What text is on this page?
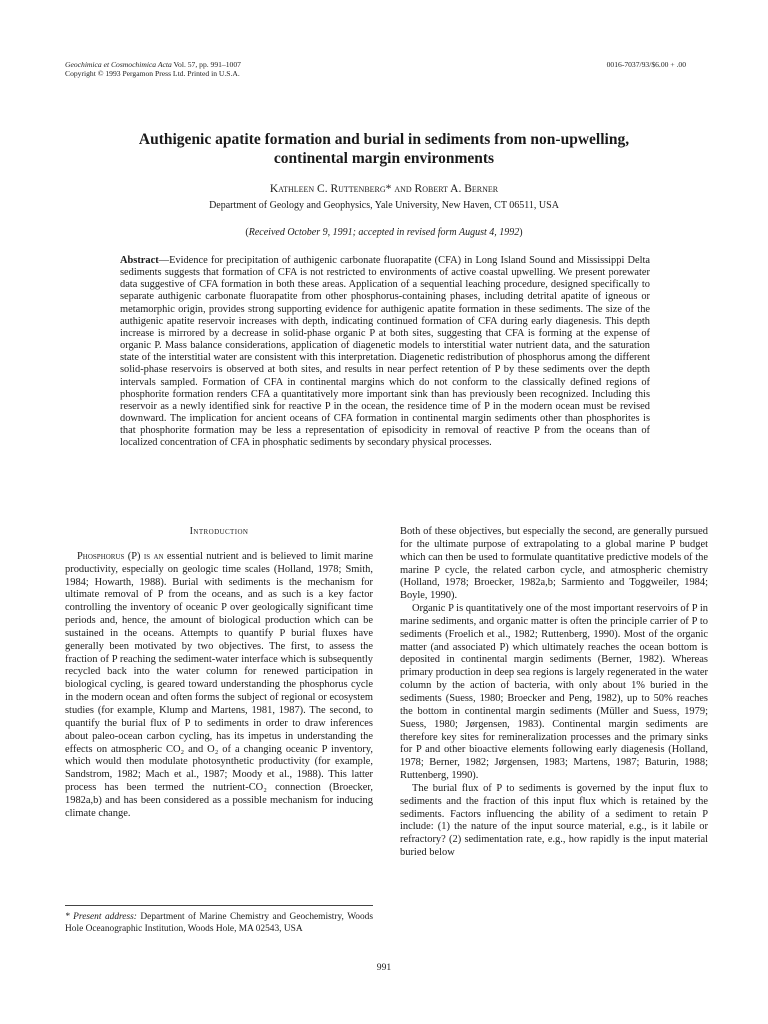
Geochimica et Cosmochimica Acta Vol. 57, pp. 991–1007
Copyright © 1993 Pergamon Press Ltd. Printed in U.S.A.
0016-7037/93/$6.00 + .00
Authigenic apatite formation and burial in sediments from non-upwelling,
continental margin environments
Kathleen C. Ruttenberg* and Robert A. Berner
Department of Geology and Geophysics, Yale University, New Haven, CT 06511, USA
(Received October 9, 1991; accepted in revised form August 4, 1992)

Abstract—Evidence for precipitation of authigenic carbonate fluorapatite (CFA) in Long Island Sound and Mississippi Delta sediments suggests that formation of CFA is not restricted to environments of active coastal upwelling. We present porewater data suggestive of CFA formation in both these areas. Application of a sequential leaching procedure, designed specifically to separate authigenic carbonate fluorapatite from other phosphorus-containing phases, including detrital apatite of igneous or metamorphic origin, provides strong supporting evidence for authigenic apatite formation in these sediments. The size of the authigenic apatite reservoir increases with depth, indicating continued formation of CFA during early diagenesis. This depth increase is mirrored by a decrease in solid-phase organic P at both sites, suggesting that CFA is forming at the expense of organic P. Mass balance considerations, application of diagenetic models to interstitial water nutrient data, and the saturation state of the interstitial water are consistent with this interpretation. Diagenetic redistribution of phosphorus among the different solid-phase reservoirs is observed at both sites, and results in near perfect retention of P by these sediments over the depth intervals sampled. Formation of CFA in continental margins which do not conform to the classically defined regions of phosphorite formation renders CFA a quantitatively more important sink than has previously been recognized. Including this reservoir as a newly identified sink for reactive P in the ocean, the residence time of P in the modern ocean must be revised downward. The implication for ancient oceans of CFA formation in continental margin sediments other than phosphorites is that phosphorite formation may be less a representation of episodicity in removal of reactive P from the oceans than of localized concentration of CFA in phosphatic sediments by secondary physical processes.

Introduction

Phosphorus (P) is an essential nutrient and is believed to limit marine productivity, especially on geologic time scales (Holland, 1978; Smith, 1984; Howarth, 1988). Burial with sediments is the mechanism for ultimate removal of P from the oceans, and as such is a key factor controlling the inventory of oceanic P over geologically significant time periods and, hence, the amount of biological production which can be sustained in the oceans. Attempts to quantify P burial fluxes have generally been motivated by two objectives. The first, to assess the fraction of P reaching the sediment-water interface which is subsequently recycled back into the water column for renewed participation in biological cycling, is geared toward understanding the phosphorus cycle in the modern ocean and often forms the subject of regional or ecosystem studies (for example, Klump and Martens, 1981, 1987). The second, to quantify the burial flux of P to sediments in order to draw inferences about paleo-ocean carbon cycling, has its impetus in understanding the effects on atmospheric CO₂ and O₂ of a changing oceanic P inventory, which would then modulate photosynthetic productivity (for example, Sandstrom, 1982; Mach et al., 1987; Moody et al., 1988). This latter process has been termed the nutrient-CO₂ connection (Broecker, 1982a,b) and has been considered as a possible mechanism for inducing climate change.

* Present address: Department of Marine Chemistry and Geochemistry, Woods Hole Oceanographic Institution, Woods Hole, MA 02543, USA

Both of these objectives, but especially the second, are generally pursued for the ultimate purpose of extrapolating to a global marine P budget which can then be used to formulate quantitative predictive models of the marine P cycle, the related carbon cycle, and atmospheric chemistry (Holland, 1978; Broecker, 1982a,b; Sarmiento and Toggweiler, 1984; Boyle, 1990).

Organic P is quantitatively one of the most important reservoirs of P in marine sediments, and organic matter is often the principle carrier of P to sediments (Froelich et al., 1982; Ruttenberg, 1990). Most of the organic matter (and associated P) which ultimately reaches the ocean bottom is deposited in continental margin sediments (Berner, 1982). Whereas primary production in deep sea regions is largely regenerated in the water column by the action of bacteria, with only about 1% buried in the sediments (Suess, 1980; Broecker and Peng, 1982), up to 50% reaches the bottom in continental margin sediments (Müller and Suess, 1979; Suess, 1980; Jørgensen, 1983). Continental margin sediments are therefore key sites for remineralization processes and the primary sinks for P and other bioactive elements following early diagenesis (Holland, 1978; Berner, 1982; Jørgensen, 1983; Martens, 1987; Baturin, 1988; Ruttenberg, 1990).

The burial flux of P to sediments is governed by the input flux to sediments and the fraction of this input flux which is retained by the sediments. Factors influencing the ability of a sediment to retain P include: (1) the nature of the input source material, e.g., is it labile or refractory? (2) sedimentation rate, e.g., how rapidly is the input material buried below

991
